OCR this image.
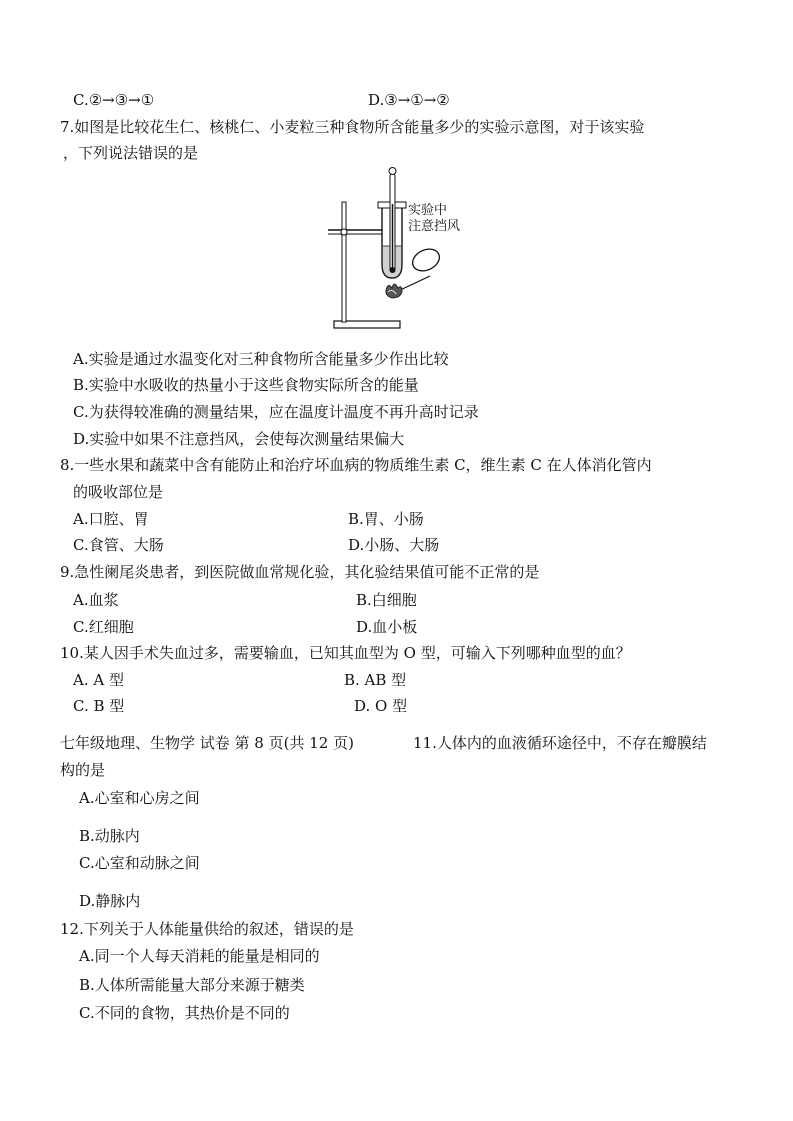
C.②→③→①	D.③→①→②
7.如图是比较花生仁、核桃仁、小麦粒三种食物所含能量多少的实验示意图，对于该实验
，下列说法错误的是
实验中
注意挡风
A.实验是通过水温变化对三种食物所含能量多少作出比较
B.实验中水吸收的热量小于这些食物实际所含的能量
C.为获得较准确的测量结果，应在温度计温度不再升高时记录
D.实验中如果不注意挡风，会使每次测量结果偏大
8.一些水果和蔬菜中含有能防止和治疗坏血病的物质维生素 C，维生素 C 在人体消化管内
的吸收部位是
A.口腔、胃	B.胃、小肠
C.食管、大肠	D.小肠、大肠
9.急性阑尾炎患者，到医院做血常规化验，其化验结果值可能不正常的是
A.血浆	B.白细胞
C.红细胞	D.血小板
10.某人因手术失血过多，需要输血，已知其血型为 O 型，可输入下列哪种血型的血？
A. A 型	B. AB 型
C. B 型	D. O 型
七年级地理、生物学 试卷 第 8 页(共 12 页)	11.人体内的血液循环途径中，不存在瓣膜结
构的是
A.心室和心房之间
B.动脉内
C.心室和动脉之间
D.静脉内
12.下列关于人体能量供给的叙述，错误的是
A.同一个人每天消耗的能量是相同的
B.人体所需能量大部分来源于糖类
C.不同的食物，其热价是不同的
